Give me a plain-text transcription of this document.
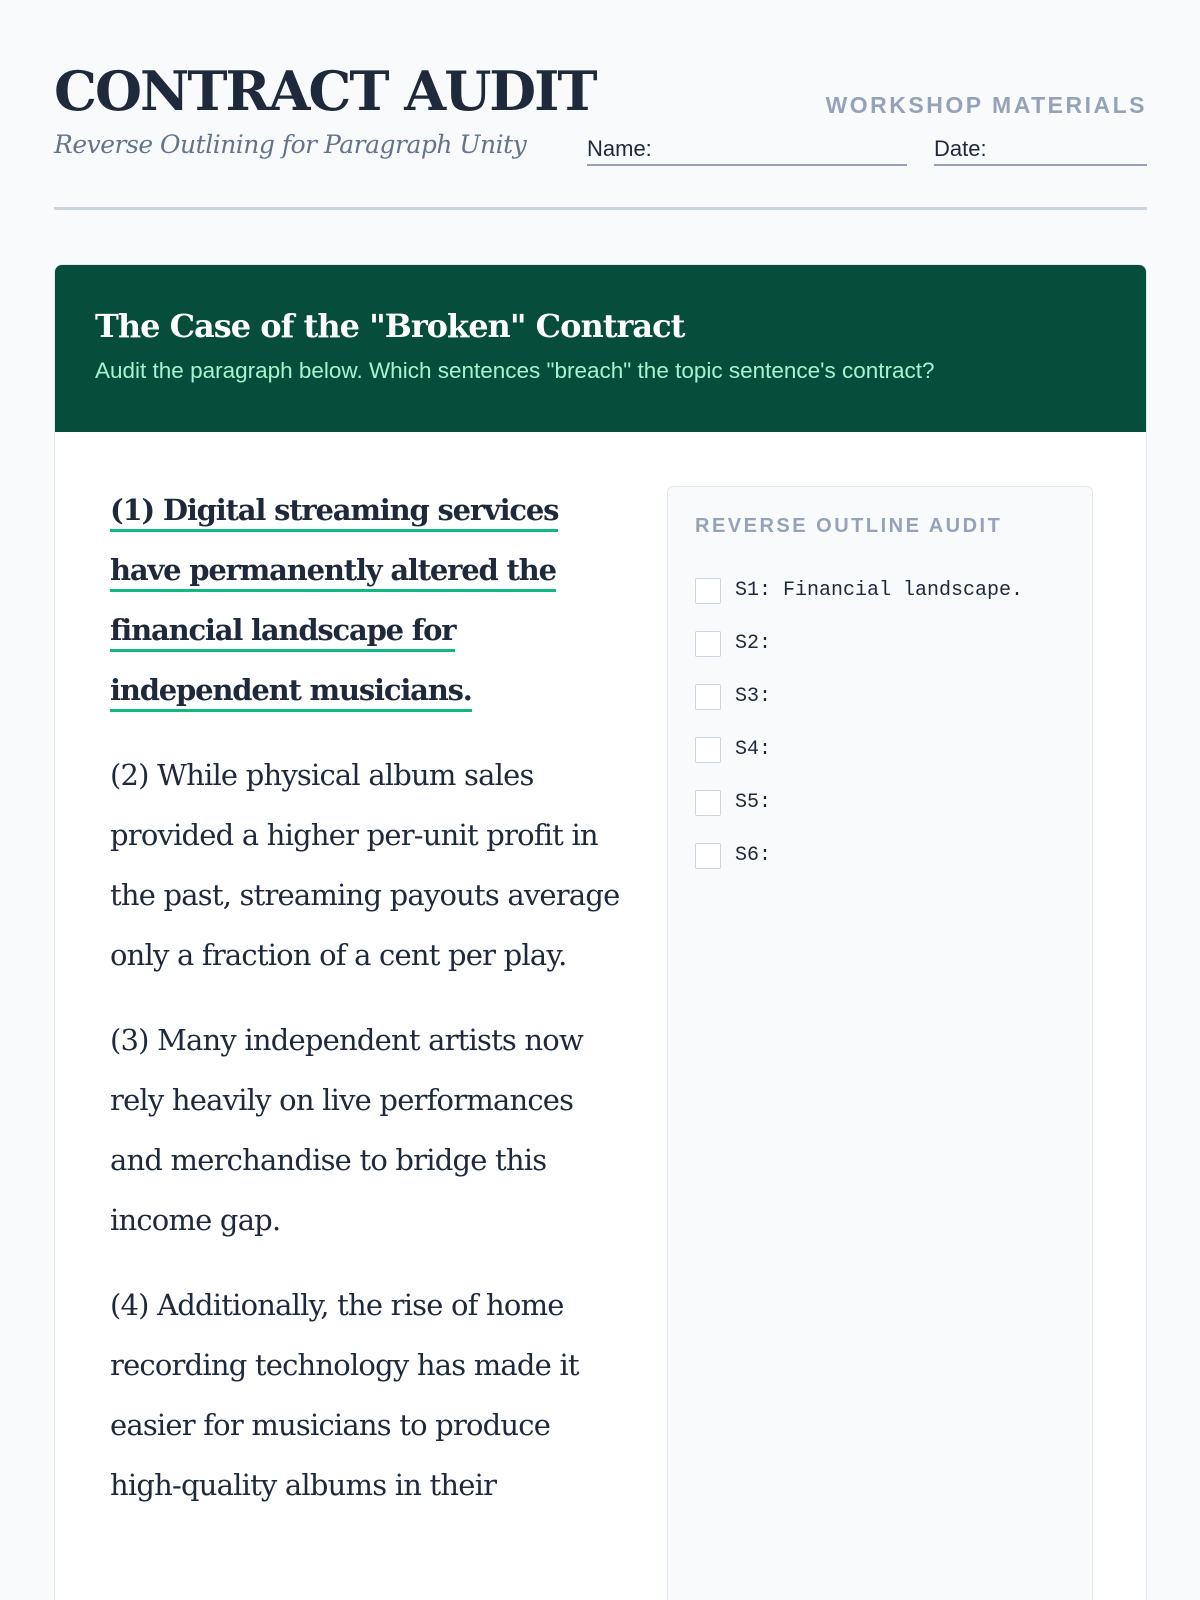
CONTRACT AUDIT
Reverse Outlining for Paragraph Unity
WORKSHOP MATERIALS
Name:	Date:
The Case of the "Broken" Contract
Audit the paragraph below. Which sentences "breach" the topic sentence's contract?
(1) Digital streaming services have permanently altered the financial landscape for independent musicians.
(2) While physical album sales provided a higher per-unit profit in the past, streaming payouts average only a fraction of a cent per play.
(3) Many independent artists now rely heavily on live performances and merchandise to bridge this income gap.
(4) Additionally, the rise of home recording technology has made it easier for musicians to produce high-quality albums in their
REVERSE OUTLINE AUDIT
S1: Financial landscape.
S2:
S3:
S4:
S5:
S6:
